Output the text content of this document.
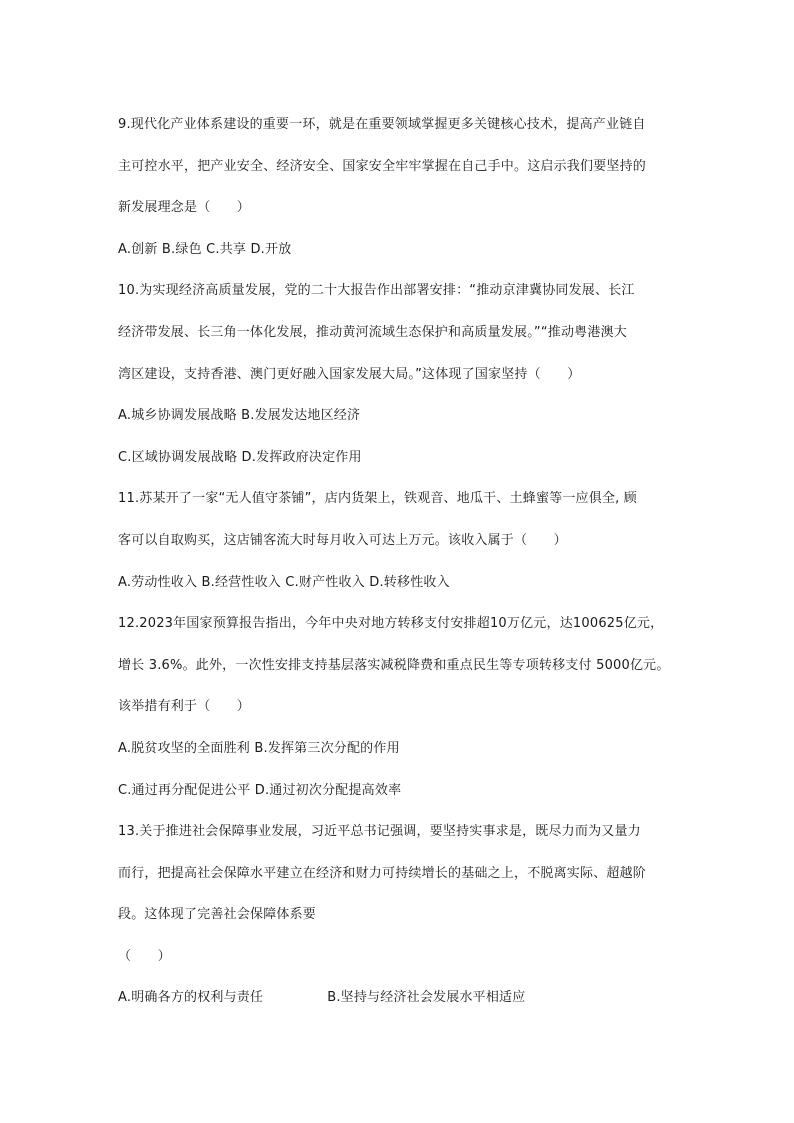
9.现代化产业体系建设的重要一环，就是在重要领域掌握更多关键核心技术，提高产业链自
主可控水平，把产业安全、经济安全、国家安全牢牢掌握在自己手中。这启示我们要坚持的
新发展理念是（　　）
A.创新 B.绿色 C.共享 D.开放
10.为实现经济高质量发展，党的二十大报告作出部署安排：“推动京津冀协同发展、长江
经济带发展、长三角一体化发展，推动黄河流域生态保护和高质量发展。”“推动粤港澳大
湾区建设，支持香港、澳门更好融入国家发展大局。”这体现了国家坚持（　　）
A.城乡协调发展战略 B.发展发达地区经济
C.区域协调发展战略 D.发挥政府决定作用
11.苏某开了一家“无人值守茶铺”，店内货架上，铁观音、地瓜干、土蜂蜜等一应俱全, 顾
客可以自取购买，这店铺客流大时每月收入可达上万元。该收入属于（　　）
A.劳动性收入 B.经营性收入 C.财产性收入 D.转移性收入
12.2023年国家预算报告指出，今年中央对地方转移支付安排超10万亿元，达100625亿元，
增长 3.6%。此外，一次性安排支持基层落实减税降费和重点民生等专项转移支付 5000亿元。
该举措有利于（　　）
A.脱贫攻坚的全面胜利 B.发挥第三次分配的作用
C.通过再分配促进公平 D.通过初次分配提高效率
13.关于推进社会保障事业发展，习近平总书记强调，要坚持实事求是，既尽力而为又量力
而行，把提高社会保障水平建立在经济和财力可持续增长的基础之上，不脱离实际、超越阶
段。这体现了完善社会保障体系要
（　　）
A.明确各方的权利与责任	B.坚持与经济社会发展水平相适应
